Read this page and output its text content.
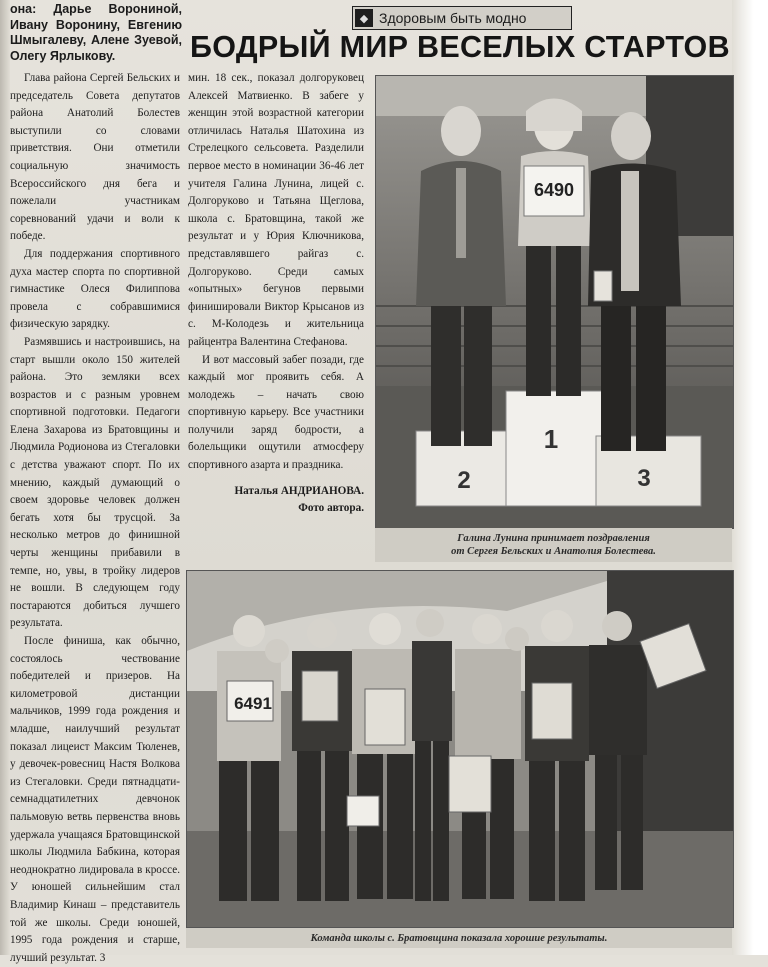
она: Дарье Ворониной, Ивану Воронину, Евгению Шмыгалеву, Алене Зуевой, Олегу Ярлыкову.
◆ Здоровым быть модно
БОДРЫЙ МИР ВЕСЕЛЫХ СТАРТОВ

Глава района Сергей Бельских и председатель Совета депутатов района Анатолий Болестев выступили со словами приветствия. Они отметили социальную значимость Всероссийского дня бега и пожелали участникам соревнований удачи и воли к победе.

Для поддержания спортивного духа мастер спорта по спортивной гимнастике Олеся Филиппова провела с собравшимися физическую зарядку.

Размявшись и настроившись, на старт вышли около 150 жителей района. Это земляки всех возрастов и с разным уровнем спортивной подготовки. Педагоги Елена Захарова из Братовщины и Людмила Родионова из Стегаловки с детства уважают спорт. По их мнению, каждый думающий о своем здоровье человек должен бегать хотя бы трусцой. За несколько метров до финишной черты женщины прибавили в темпе, но, увы, в тройку лидеров не вошли. В следующем году постараются добиться лучшего результата.

После финиша, как обычно, состоялось чествование победителей и призеров. На километровой дистанции мальчиков, 1999 года рождения и младше, наилучший результат показал лицеист Максим Тюленев, у девочек-ровесниц Настя Волкова из Стегаловки. Среди пятнадцати-семнадцатилетних девчонок пальмовую ветвь первенства вновь удержала учащаяся Братовщинской школы Людмила Бабкина, которая неоднократно лидировала в кроссе. У юношей сильнейшим стал Владимир Кинаш – представитель той же школы. Среди юношей, 1995 года рождения и старше, лучший результат. 3

мин. 18 сек., показал долгоруковец Алексей Матвиенко. В забеге у женщин этой возрастной категории отличилась Наталья Шатохина из Стрелецкого сельсовета. Разделили первое место в номинации 36-46 лет учителя Галина Лунина, лицей с. Долгоруково и Татьяна Щеглова, школа с. Братовщина, такой же результат и у Юрия Ключникова, представлявшего райгаз с. Долгоруково. Среди самых «опытных» бегунов первыми финишировали Виктор Крысанов из с. М-Колодезь и жительница райцентра Валентина Стефанова.

И вот массовый забег позади, где каждый мог проявить себя. А молодежь – начать свою спортивную карьеру. Все участники получили заряд бодрости, а болельщики ощутили атмосферу спортивного азарта и праздника.

Наталья АНДРИАНОВА.

Фото автора.

1
2	3
6490
Галина Лунина принимает поздравления
от Сергея Бельских и Анатолия Болестева.
6491
Команда школы с. Братовщина показала хорошие результаты.
